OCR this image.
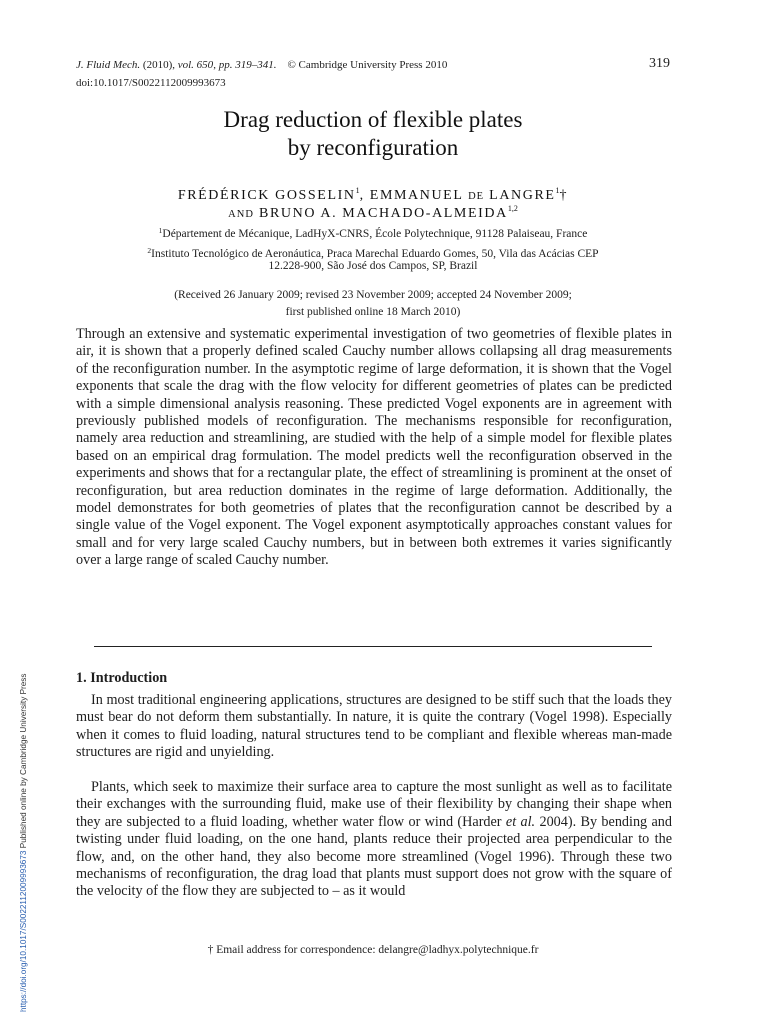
J. Fluid Mech. (2010), vol. 650, pp. 319–341. © Cambridge University Press 2010
doi:10.1017/S0022112009993673
319
Drag reduction of flexible plates
by reconfiguration
FRÉDÉRICK GOSSELIN$^1$, EMMANUEL DE LANGRE$^1$†
AND BRUNO A. MACHADO-ALMEIDA$^{1,2}$
$^1$Département de Mécanique, LadHyX-CNRS, École Polytechnique, 91128 Palaiseau, France
$^2$Instituto Tecnológico de Aeronáutica, Praca Marechal Eduardo Gomes, 50, Vila das Acácias CEP
12.228-900, São José dos Campos, SP, Brazil
(Received 26 January 2009; revised 23 November 2009; accepted 24 November 2009;
first published online 18 March 2010)

Through an extensive and systematic experimental investigation of two geometries of flexible plates in air, it is shown that a properly defined scaled Cauchy number allows collapsing all drag measurements of the reconfiguration number. In the asymptotic regime of large deformation, it is shown that the Vogel exponents that scale the drag with the flow velocity for different geometries of plates can be predicted with a simple dimensional analysis reasoning. These predicted Vogel exponents are in agreement with previously published models of reconfiguration. The mechanisms responsible for reconfiguration, namely area reduction and streamlining, are studied with the help of a simple model for flexible plates based on an empirical drag formulation. The model predicts well the reconfiguration observed in the experiments and shows that for a rectangular plate, the effect of streamlining is prominent at the onset of reconfiguration, but area reduction dominates in the regime of large deformation. Additionally, the model demonstrates for both geometries of plates that the reconfiguration cannot be described by a single value of the Vogel exponent. The Vogel exponent asymptotically approaches constant values for small and for very large scaled Cauchy numbers, but in between both extremes it varies significantly over a large range of scaled Cauchy number.

1. Introduction

In most traditional engineering applications, structures are designed to be stiff such that the loads they must bear do not deform them substantially. In nature, it is quite the contrary (Vogel 1998). Especially when it comes to fluid loading, natural structures tend to be compliant and flexible whereas man-made structures are rigid and unyielding.

Plants, which seek to maximize their surface area to capture the most sunlight as well as to facilitate their exchanges with the surrounding fluid, make use of their flexibility by changing their shape when they are subjected to a fluid loading, whether water flow or wind (Harder et al. 2004). By bending and twisting under fluid loading, on the one hand, plants reduce their projected area perpendicular to the flow, and, on the other hand, they also become more streamlined (Vogel 1996). Through these two mechanisms of reconfiguration, the drag load that plants must support does not grow with the square of the velocity of the flow they are subjected to – as it would

† Email address for correspondence: delangre@ladhyx.polytechnique.fr
https://doi.org/10.1017/S0022112009993673 Published online by Cambridge University Press
